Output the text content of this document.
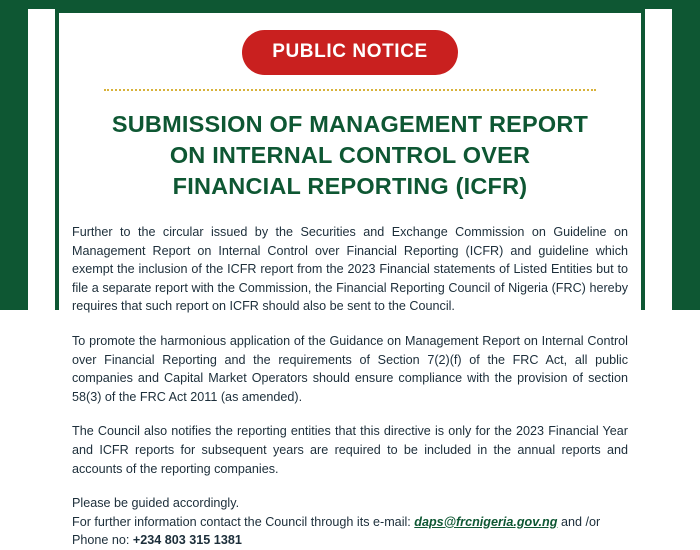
PUBLIC NOTICE
SUBMISSION OF MANAGEMENT REPORT ON INTERNAL CONTROL OVER FINANCIAL REPORTING (ICFR)

Further to the circular issued by the Securities and Exchange Commission on Guideline on Management Report on Internal Control over Financial Reporting (ICFR) and guideline which exempt the inclusion of the ICFR report from the 2023 Financial statements of Listed Entities but to file a separate report with the Commission, the Financial Reporting Council of Nigeria (FRC) hereby requires that such report on ICFR should also be sent to the Council.

To promote the harmonious application of the Guidance on Management Report on Internal Control over Financial Reporting and the requirements of Section 7(2)(f) of the FRC Act, all public companies and Capital Market Operators should ensure compliance with the provision of section 58(3) of the FRC Act 2011 (as amended).

The Council also notifies the reporting entities that this directive is only for the 2023 Financial Year and ICFR reports for subsequent years are required to be included in the annual reports and accounts of the reporting companies.

Please be guided accordingly.

For further information contact the Council through its e-mail: daps@frcnigeria.gov.ng and /or

Phone no: +234 803 315 1381
